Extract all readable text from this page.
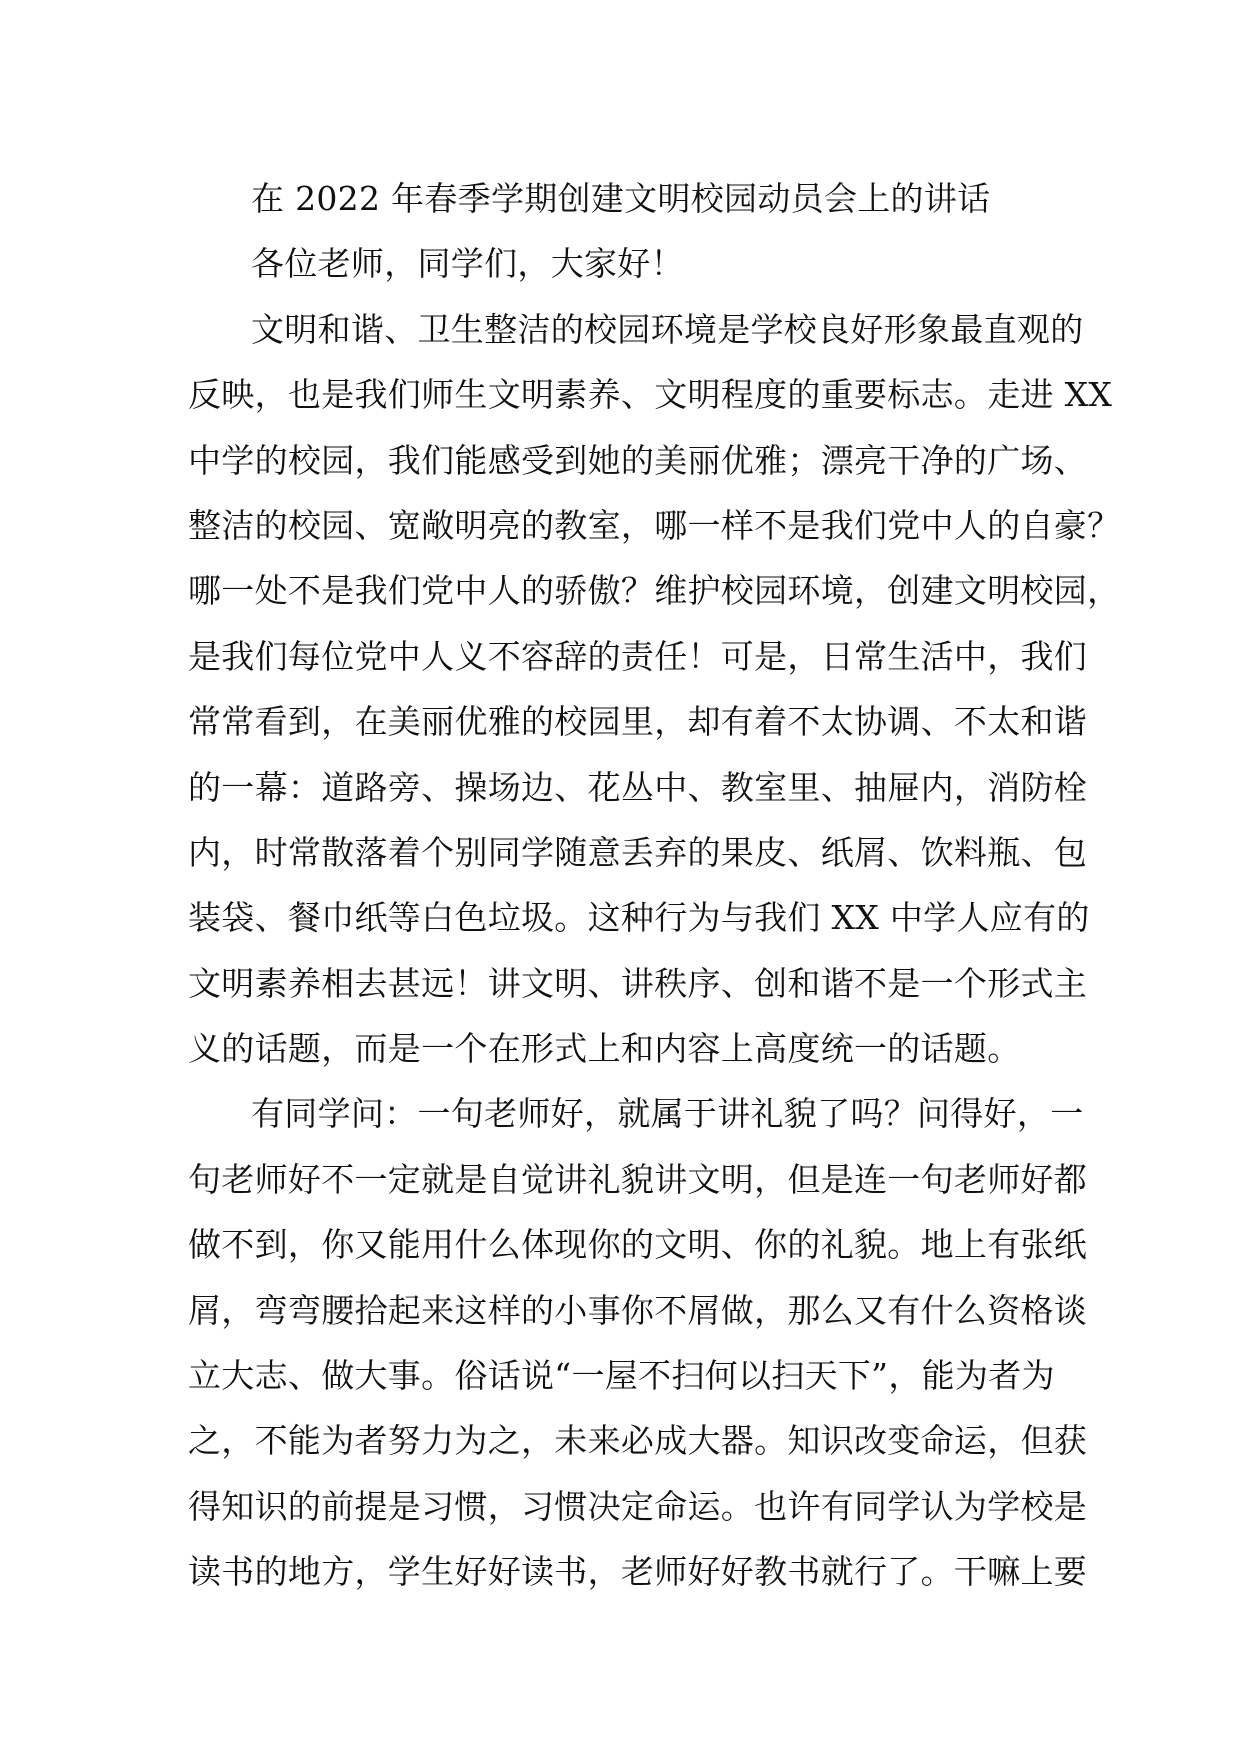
在 2022 年春季学期创建文明校园动员会上的讲话
各位老师，同学们，大家好！
文明和谐、卫生整洁的校园环境是学校良好形象最直观的
反映，也是我们师生文明素养、文明程度的重要标志。走进 XX
中学的校园，我们能感受到她的美丽优雅；漂亮干净的广场、
整洁的校园、宽敞明亮的教室，哪一样不是我们党中人的自豪？
哪一处不是我们党中人的骄傲？维护校园环境，创建文明校园，
是我们每位党中人义不容辞的责任！可是，日常生活中，我们
常常看到，在美丽优雅的校园里，却有着不太协调、不太和谐
的一幕：道路旁、操场边、花丛中、教室里、抽屉内，消防栓
内，时常散落着个别同学随意丢弃的果皮、纸屑、饮料瓶、包
装袋、餐巾纸等白色垃圾。这种行为与我们 XX 中学人应有的
文明素养相去甚远！讲文明、讲秩序、创和谐不是一个形式主
义的话题，而是一个在形式上和内容上高度统一的话题。
有同学问：一句老师好，就属于讲礼貌了吗？问得好，一
句老师好不一定就是自觉讲礼貌讲文明，但是连一句老师好都
做不到，你又能用什么体现你的文明、你的礼貌。地上有张纸
屑，弯弯腰拾起来这样的小事你不屑做，那么又有什么资格谈
立大志、做大事。俗话说“一屋不扫何以扫天下”，能为者为
之，不能为者努力为之，未来必成大器。知识改变命运，但获
得知识的前提是习惯，习惯决定命运。也许有同学认为学校是
读书的地方，学生好好读书，老师好好教书就行了。干嘛上要
